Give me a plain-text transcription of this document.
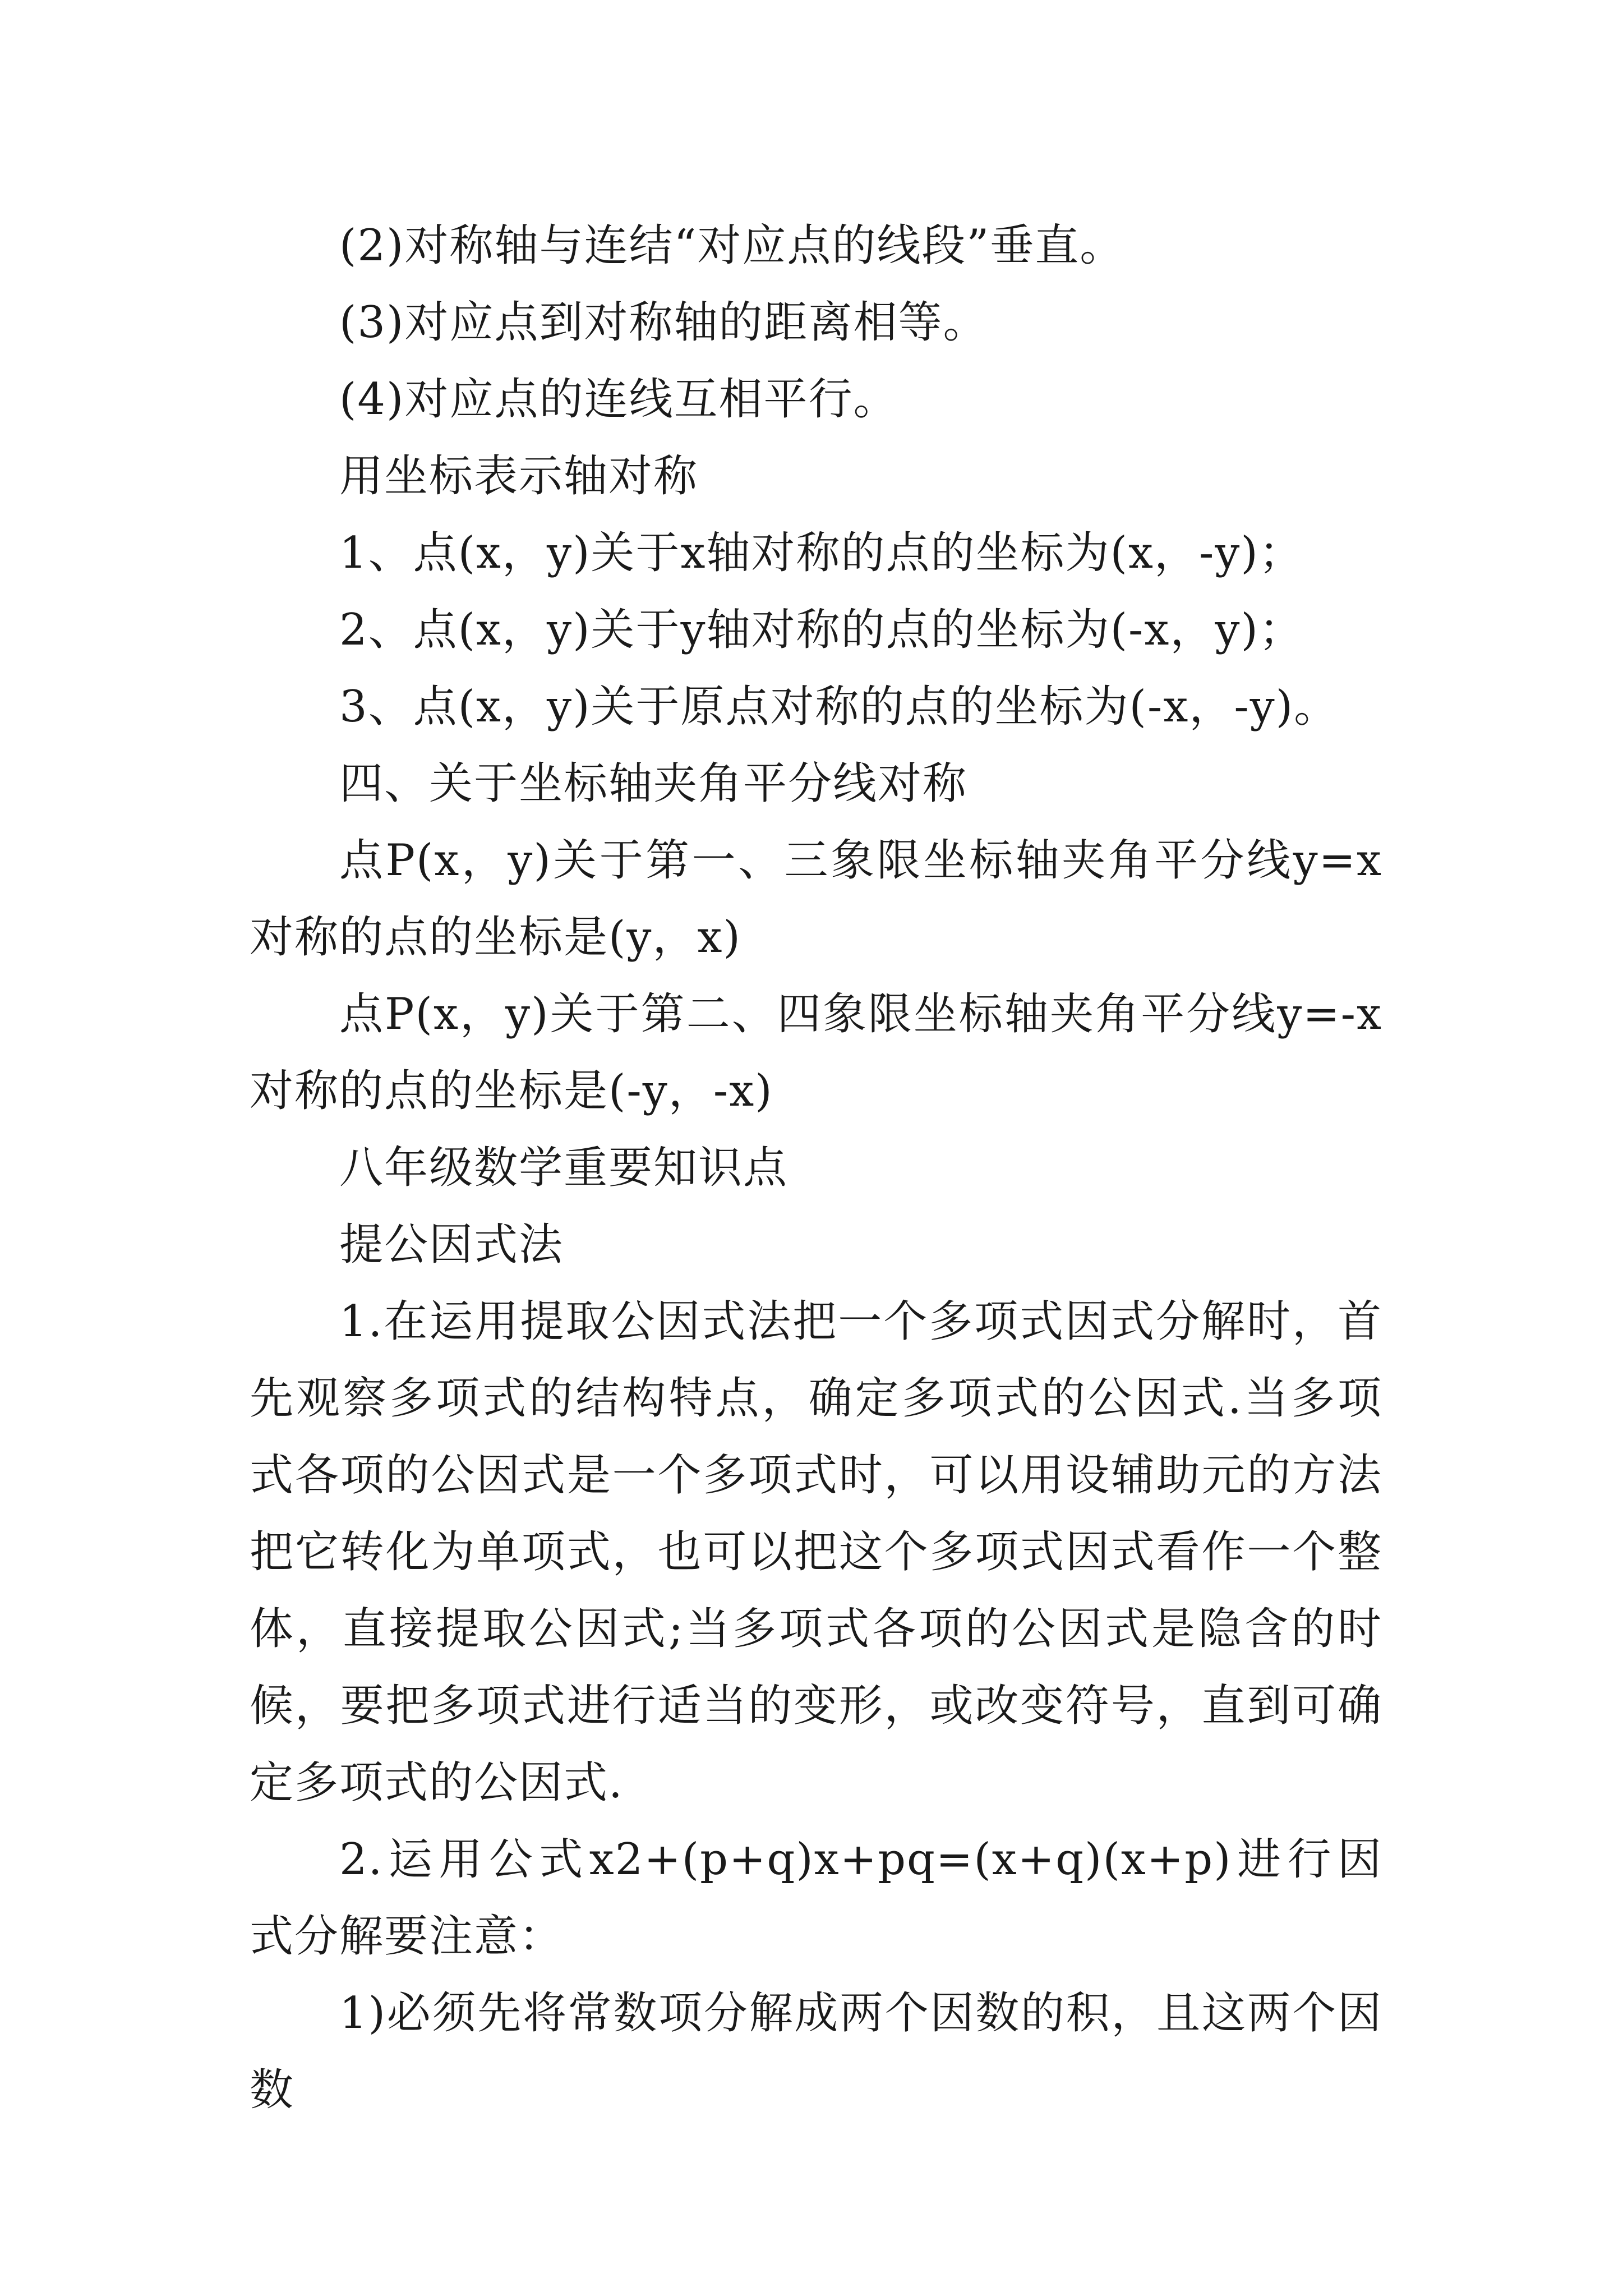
(2)对称轴与连结“对应点的线段”垂直。

(3)对应点到对称轴的距离相等。

(4)对应点的连线互相平行。

用坐标表示轴对称

1、点(x，y)关于x轴对称的点的坐标为(x，-y)；

2、点(x，y)关于y轴对称的点的坐标为(-x，y)；

3、点(x，y)关于原点对称的点的坐标为(-x，-y)。

四、关于坐标轴夹角平分线对称

点P(x，y)关于第一、三象限坐标轴夹角平分线y=x对称的点的坐标是(y，x)

点P(x，y)关于第二、四象限坐标轴夹角平分线y=-x对称的点的坐标是(-y，-x)

八年级数学重要知识点

提公因式法

1.在运用提取公因式法把一个多项式因式分解时，首先观察多项式的结构特点，确定多项式的公因式.当多项式各项的公因式是一个多项式时，可以用设辅助元的方法把它转化为单项式，也可以把这个多项式因式看作一个整体，直接提取公因式;当多项式各项的公因式是隐含的时候，要把多项式进行适当的变形，或改变符号，直到可确定多项式的公因式.

2.运用公式x2+(p+q)x+pq=(x+q)(x+p)进行因式分解要注意：

1)必须先将常数项分解成两个因数的积，且这两个因数
